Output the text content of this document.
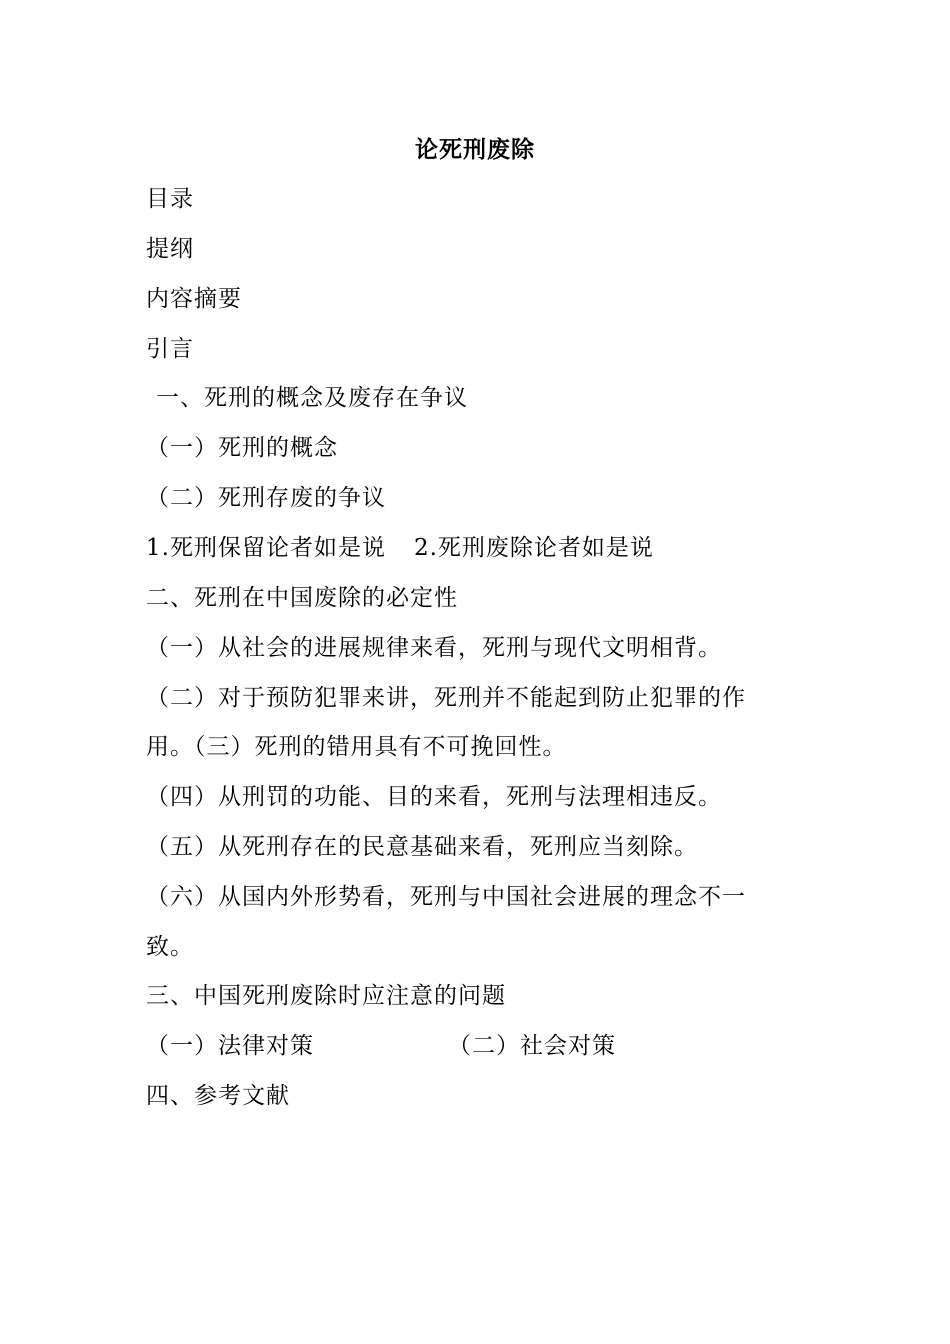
论死刑废除
目录
提纲
内容摘要
引言
一、死刑的概念及废存在争议
（一）死刑的概念
（二）死刑存废的争议
1.死刑保留论者如是说 2.死刑废除论者如是说
二、死刑在中国废除的必定性
（一）从社会的进展规律来看，死刑与现代文明相背。
（二）对于预防犯罪来讲，死刑并不能起到防止犯罪的作
用。（三）死刑的错用具有不可挽回性。
（四）从刑罚的功能、目的来看，死刑与法理相违反。
（五）从死刑存在的民意基础来看，死刑应当刻除。
（六）从国内外形势看，死刑与中国社会进展的理念不一
致。
三、中国死刑废除时应注意的问题
（一）法律对策	（二）社会对策
四、参考文献
